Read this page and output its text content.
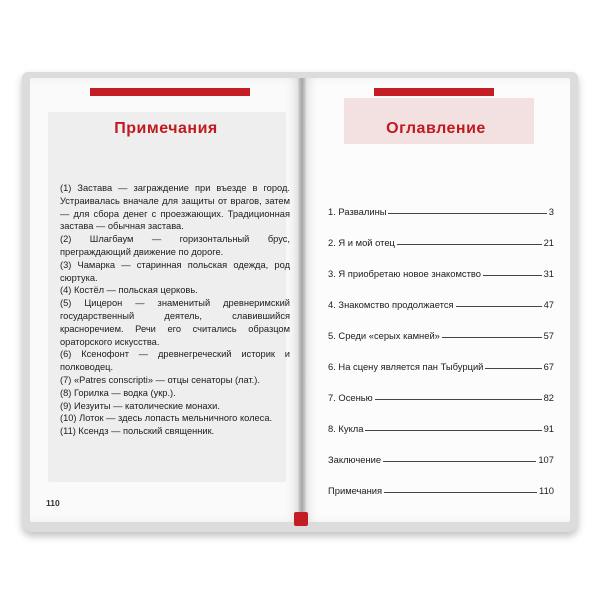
Примечания

(1) Застава — заграждение при въезде в город. Устраивалась вначале для защиты от врагов, затем — для сбора денег с проезжающих. Традиционная застава — обычная застава.

(2) Шлагбаум — горизонтальный брус, преграждающий движение по дороге.

(3) Чамарка — старинная польская одежда, род сюртука.

(4) Костёл — польская церковь.

(5) Цицерон — знаменитый древнеримский государственный деятель, славившийся красноречием. Речи его считались образцом ораторского искусства.

(6) Ксенофонт — древнегреческий историк и полководец.

(7) «Patres conscripti» — отцы сенаторы (лат.).

(8) Горилка — водка (укр.).

(9) Иезуиты — католические монахи.

(10) Лоток — здесь лопасть мельничного колеса.

(11) Ксендз — польский священник.

110
Оглавление
1. Развалины	3
2. Я и мой отец	21
3. Я приобретаю новое знакомство	31
4. Знакомство продолжается	47
5. Среди «серых камней»	57
6. На сцену является пан Тыбурций	67
7. Осенью	82
8. Кукла	91
Заключение	107
Примечания	110
